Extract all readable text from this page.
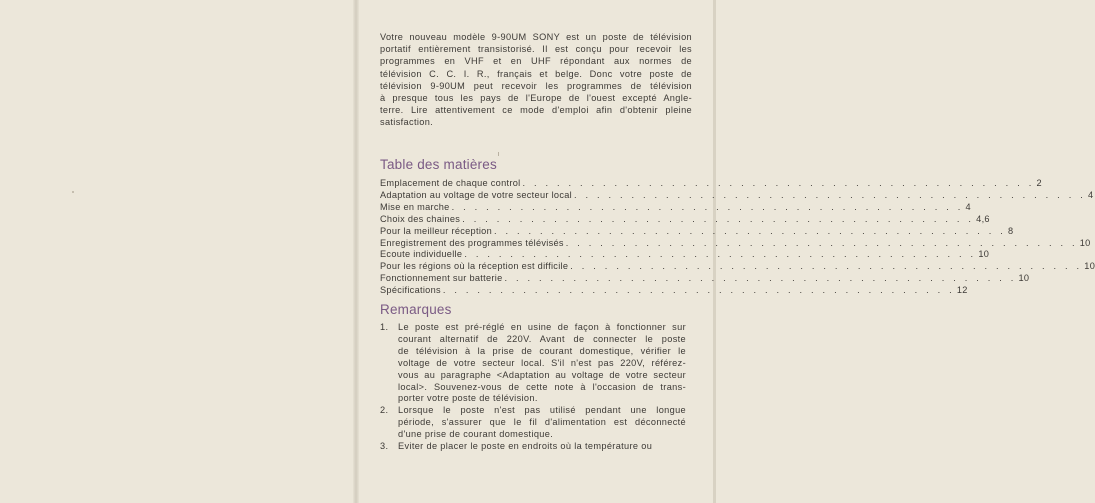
Votre nouveau modèle 9-90UM SONY est un poste de télévision
portatif entièrement transistorisé. Il est conçu pour recevoir les
programmes en VHF et en UHF répondant aux normes de
télévision C. C. I. R., français et belge. Donc votre poste de
télévision 9-90UM peut recevoir les programmes de télévision
à presque tous les pays de l'Europe de l'ouest excepté Angle-
terre. Lire attentivement ce mode d'emploi afin d'obtenir pleine
satisfaction.
Table des matières
Emplacement de chaque control . . . . . . . . . . . . . . . . . . . . . . . . . . . . . . . . . . . . . . . . . . . . . 2
Adaptation au voltage de votre secteur local . . . . . . . . . . . . . . . . . . . . . . . . . . . . . . . . . . . . . . . . . . . . . 4
Mise en marche . . . . . . . . . . . . . . . . . . . . . . . . . . . . . . . . . . . . . . . . . . . . . 4
Choix des chaines . . . . . . . . . . . . . . . . . . . . . . . . . . . . . . . . . . . . . . . . . . . . . 4,6
Pour la meilleur réception . . . . . . . . . . . . . . . . . . . . . . . . . . . . . . . . . . . . . . . . . . . . . 8
Enregistrement des programmes télévisés . . . . . . . . . . . . . . . . . . . . . . . . . . . . . . . . . . . . . . . . . . . . . 10
Ecoute individuelle . . . . . . . . . . . . . . . . . . . . . . . . . . . . . . . . . . . . . . . . . . . . . 10
Pour les régions où la réception est difficile . . . . . . . . . . . . . . . . . . . . . . . . . . . . . . . . . . . . . . . . . . . . . 10
Fonctionnement sur batterie . . . . . . . . . . . . . . . . . . . . . . . . . . . . . . . . . . . . . . . . . . . . . 10
Spécifications . . . . . . . . . . . . . . . . . . . . . . . . . . . . . . . . . . . . . . . . . . . . . 12
Remarques
1. Le poste est pré-réglé en usine de façon à fonctionner sur
courant alternatif de 220V. Avant de connecter le poste
de télévision à la prise de courant domestique, vérifier le
voltage de votre secteur local. S'il n'est pas 220V, référez-
vous au paragraphe <Adaptation au voltage de votre secteur
local>. Souvenez-vous de cette note à l'occasion de trans-
porter votre poste de télévision.
2. Lorsque le poste n'est pas utilisé pendant une longue
période, s'assurer que le fil d'alimentation est déconnecté
d'une prise de courant domestique.
3. Eviter de placer le poste en endroits où la température ou
